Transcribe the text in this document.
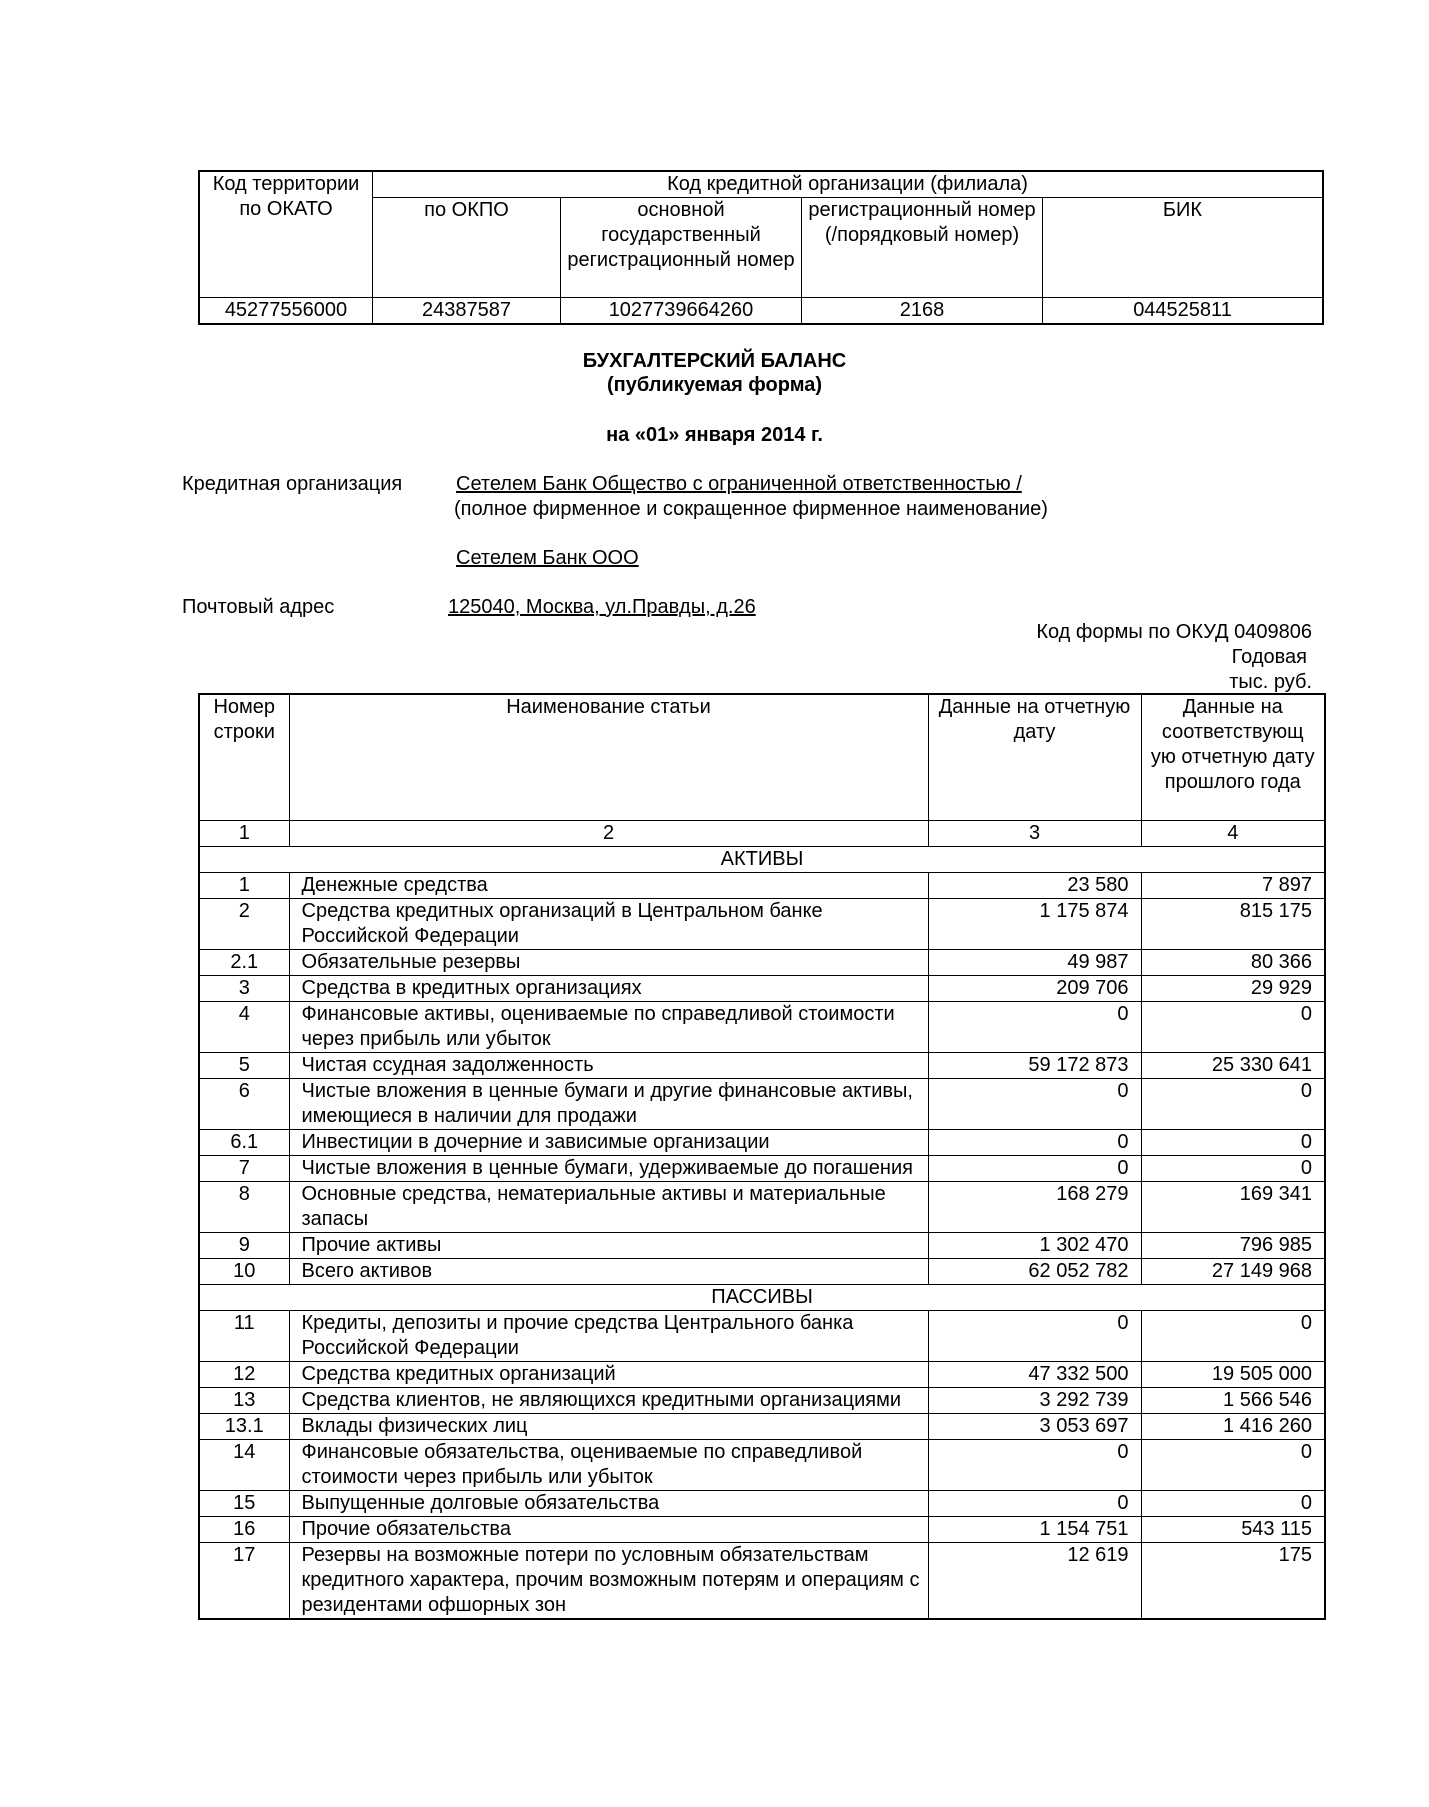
Код территории по ОКАТО	Код кредитной организации (филиала)			
	по ОКПО	основной государственный регистрационный номер	регистрационный номер (/порядковый номер)	БИК
45277556000	24387587	1027739664260	2168	044525811
БУХГАЛТЕРСКИЙ БАЛАНС
(публикуемая форма)
на «01» января 2014 г.
Кредитная организация	Сетелем Банк Общество с ограниченной ответственностью /
(полное фирменное и сокращенное фирменное наименование)
Сетелем Банк ООО
Почтовый адрес	125040, Москва, ул.Правды, д.26
Код формы по ОКУД 0409806
Годовая
тыс. руб.
Номер строки	Наименование статьи	Данные на отчетную дату	Данные на соответствующ ую отчетную дату прошлого года
1	2	3	4
АКТИВЫ			
1	Денежные средства	23 580	7 897
2	Средства кредитных организаций в Центральном банке Российской Федерации	1 175 874	815 175
2.1	Обязательные резервы	49 987	80 366
3	Средства в кредитных организациях	209 706	29 929
4	Финансовые активы, оцениваемые по справедливой стоимости через прибыль или убыток	0	0
5	Чистая ссудная задолженность	59 172 873	25 330 641
6	Чистые вложения в ценные бумаги и другие финансовые активы, имеющиеся в наличии для продажи	0	0
6.1	Инвестиции в дочерние и зависимые организации	0	0
7	Чистые вложения в ценные бумаги, удерживаемые до погашения	0	0
8	Основные средства, нематериальные активы и материальные запасы	168 279	169 341
9	Прочие активы	1 302 470	796 985
10	Всего активов	62 052 782	27 149 968
ПАССИВЫ			
11	Кредиты, депозиты и прочие средства Центрального банка Российской Федерации	0	0
12	Средства кредитных организаций	47 332 500	19 505 000
13	Средства клиентов, не являющихся кредитными организациями	3 292 739	1 566 546
13.1	Вклады физических лиц	3 053 697	1 416 260
14	Финансовые обязательства, оцениваемые по справедливой стоимости через прибыль или убыток	0	0
15	Выпущенные долговые обязательства	0	0
16	Прочие обязательства	1 154 751	543 115
17	Резервы на возможные потери по условным обязательствам кредитного характера, прочим возможным потерям и операциям с резидентами офшорных зон	12 619	175
